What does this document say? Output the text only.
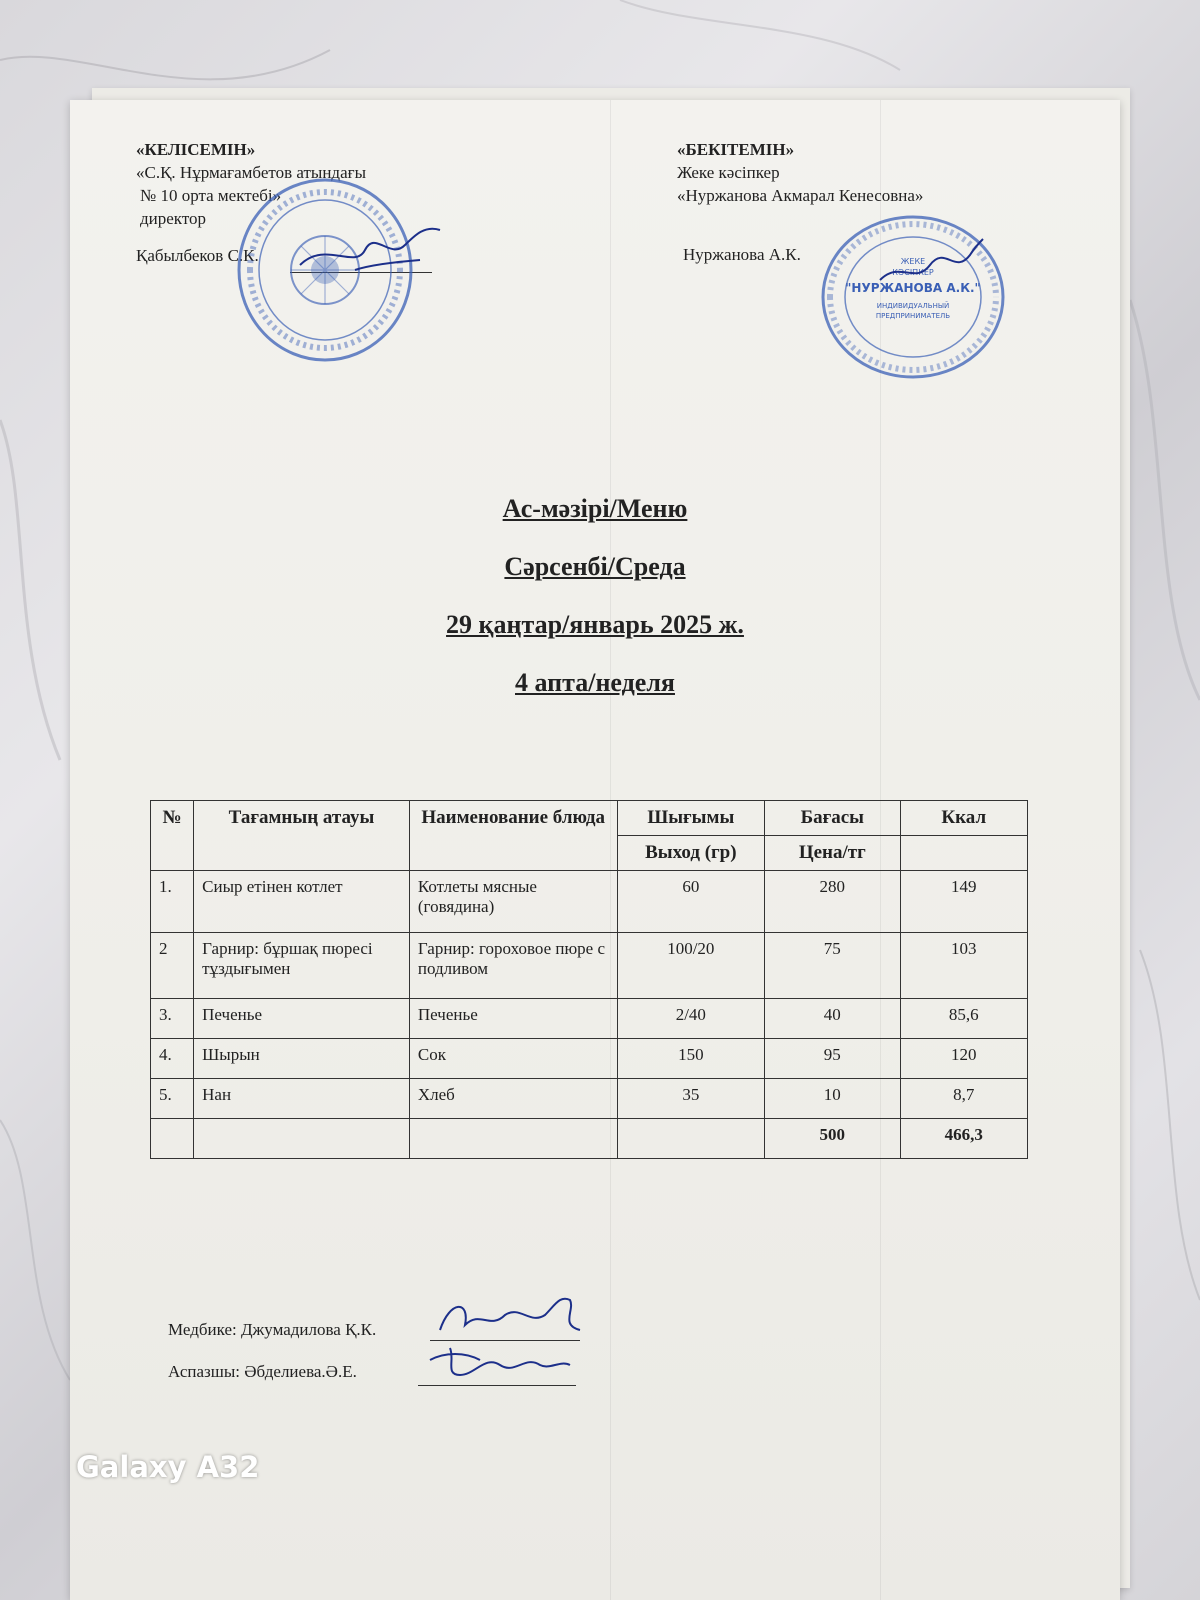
«КЕЛІСЕМІН»
«С.Қ. Нұрмағамбетов атындағы
№ 10 орта мектебі»
директор
Қабылбеков С.К.
«БЕКІТЕМІН»
Жеке кәсіпкер
«Нуржанова Акмарал Кенесовна»
Нуржанова А.К.	ЖЕКЕ
КӘСІПКЕР
"НУРЖАНОВА А.К."
ИНДИВИДУАЛЬНЫЙ
ПРЕДПРИНИМАТЕЛЬ
Ас-мәзірі/Меню
Сәрсенбі/Среда
29 қаңтар/январь 2025 ж.
4 апта/неделя
№	Тағамның атауы	Наименование блюда	Шығымы	Бағасы	Ккал
			Выход (гр)	Цена/тг	
1.	Сиыр етінен котлет	Котлеты мясные (говядина)	60	280	149
2	Гарнир: бұршақ пюресі тұздығымен	Гарнир: гороховое пюре с подливом	100/20	75	103
3.	Печенье	Печенье	2/40	40	85,6
4.	Шырын	Сок	150	95	120
5.	Нан	Хлеб	35	10	8,7
				500	466,3
Медбике: Джумадилова Қ.К.
Аспазшы: Әбделиева.Ә.Е.
Galaxy A32
